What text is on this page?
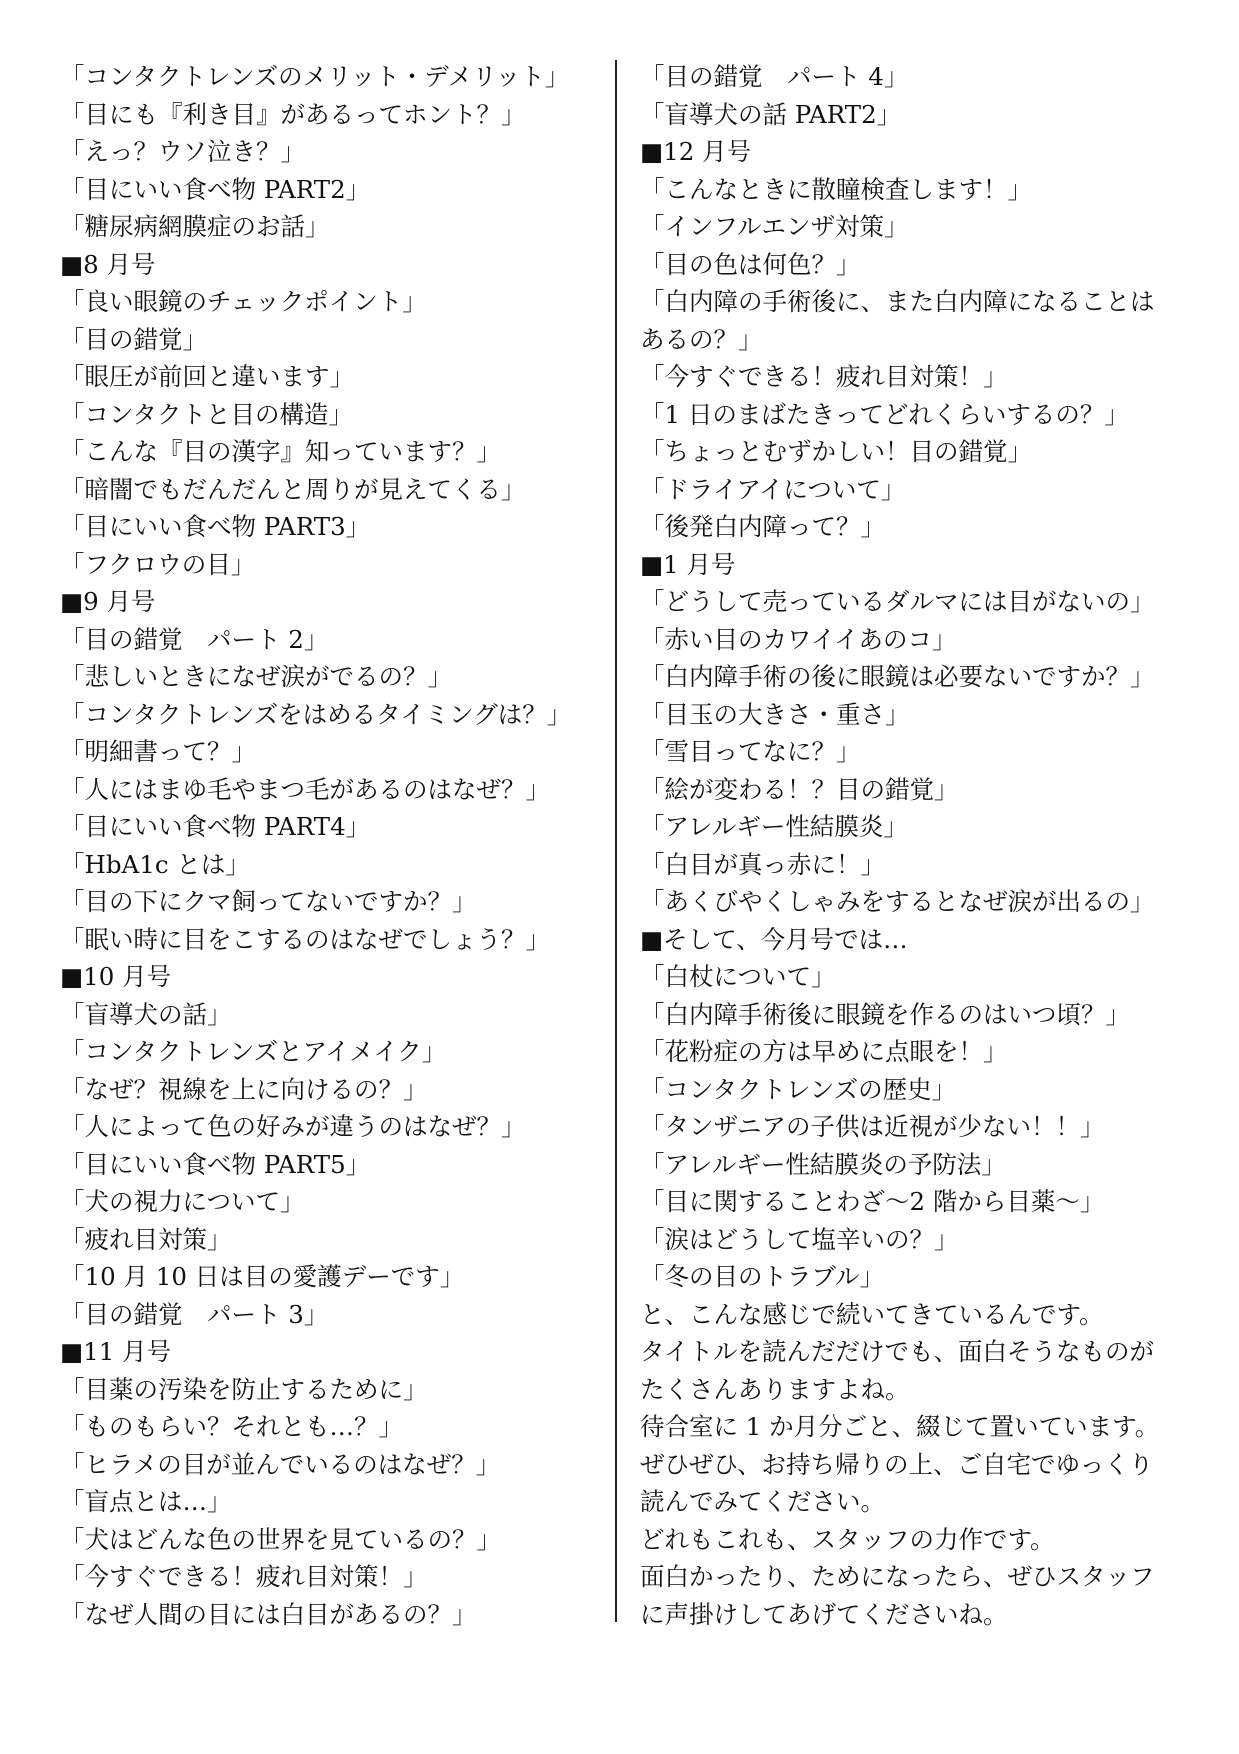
「コンタクトレンズのメリット・デメリット」
「目にも『利き目』があるってホント？」
「えっ？ウソ泣き？」
「目にいい食べ物 PART2」
「糖尿病網膜症のお話」
■8 月号
「良い眼鏡のチェックポイント」
「目の錯覚」
「眼圧が前回と違います」
「コンタクトと目の構造」
「こんな『目の漢字』知っています？」
「暗闇でもだんだんと周りが見えてくる」
「目にいい食べ物 PART3」
「フクロウの目」
■9 月号
「目の錯覚　パート 2」
「悲しいときになぜ涙がでるの？」
「コンタクトレンズをはめるタイミングは？」
「明細書って？」
「人にはまゆ毛やまつ毛があるのはなぜ？」
「目にいい食べ物 PART4」
「HbA1c とは」
「目の下にクマ飼ってないですか？」
「眠い時に目をこするのはなぜでしょう？」
■10 月号
「盲導犬の話」
「コンタクトレンズとアイメイク」
「なぜ？視線を上に向けるの？」
「人によって色の好みが違うのはなぜ？」
「目にいい食べ物 PART5」
「犬の視力について」
「疲れ目対策」
「10 月 10 日は目の愛護デーです」
「目の錯覚　パート 3」
■11 月号
「目薬の汚染を防止するために」
「ものもらい？それとも…？」
「ヒラメの目が並んでいるのはなぜ？」
「盲点とは…」
「犬はどんな色の世界を見ているの？」
「今すぐできる！疲れ目対策！」
「なぜ人間の目には白目があるの？」
「目の錯覚　パート 4」
「盲導犬の話 PART2」
■12 月号
「こんなときに散瞳検査します！」
「インフルエンザ対策」
「目の色は何色？」
「白内障の手術後に、また白内障になることは
あるの？」
「今すぐできる！疲れ目対策！」
「1 日のまばたきってどれくらいするの？」
「ちょっとむずかしい！目の錯覚」
「ドライアイについて」
「後発白内障って？」
■1 月号
「どうして売っているダルマには目がないの」
「赤い目のカワイイあのコ」
「白内障手術の後に眼鏡は必要ないですか？」
「目玉の大きさ・重さ」
「雪目ってなに？」
「絵が変わる！？目の錯覚」
「アレルギー性結膜炎」
「白目が真っ赤に！」
「あくびやくしゃみをするとなぜ涙が出るの」
■そして、今月号では…
「白杖について」
「白内障手術後に眼鏡を作るのはいつ頃？」
「花粉症の方は早めに点眼を！」
「コンタクトレンズの歴史」
「タンザニアの子供は近視が少ない！！」
「アレルギー性結膜炎の予防法」
「目に関することわざ～2 階から目薬～」
「涙はどうして塩辛いの？」
「冬の目のトラブル」
と、こんな感じで続いてきているんです。
タイトルを読んだだけでも、面白そうなものが
たくさんありますよね。
待合室に 1 か月分ごと、綴じて置いています。
ぜひぜひ、お持ち帰りの上、ご自宅でゆっくり
読んでみてください。
どれもこれも、スタッフの力作です。
面白かったり、ためになったら、ぜひスタッフ
に声掛けしてあげてくださいね。
